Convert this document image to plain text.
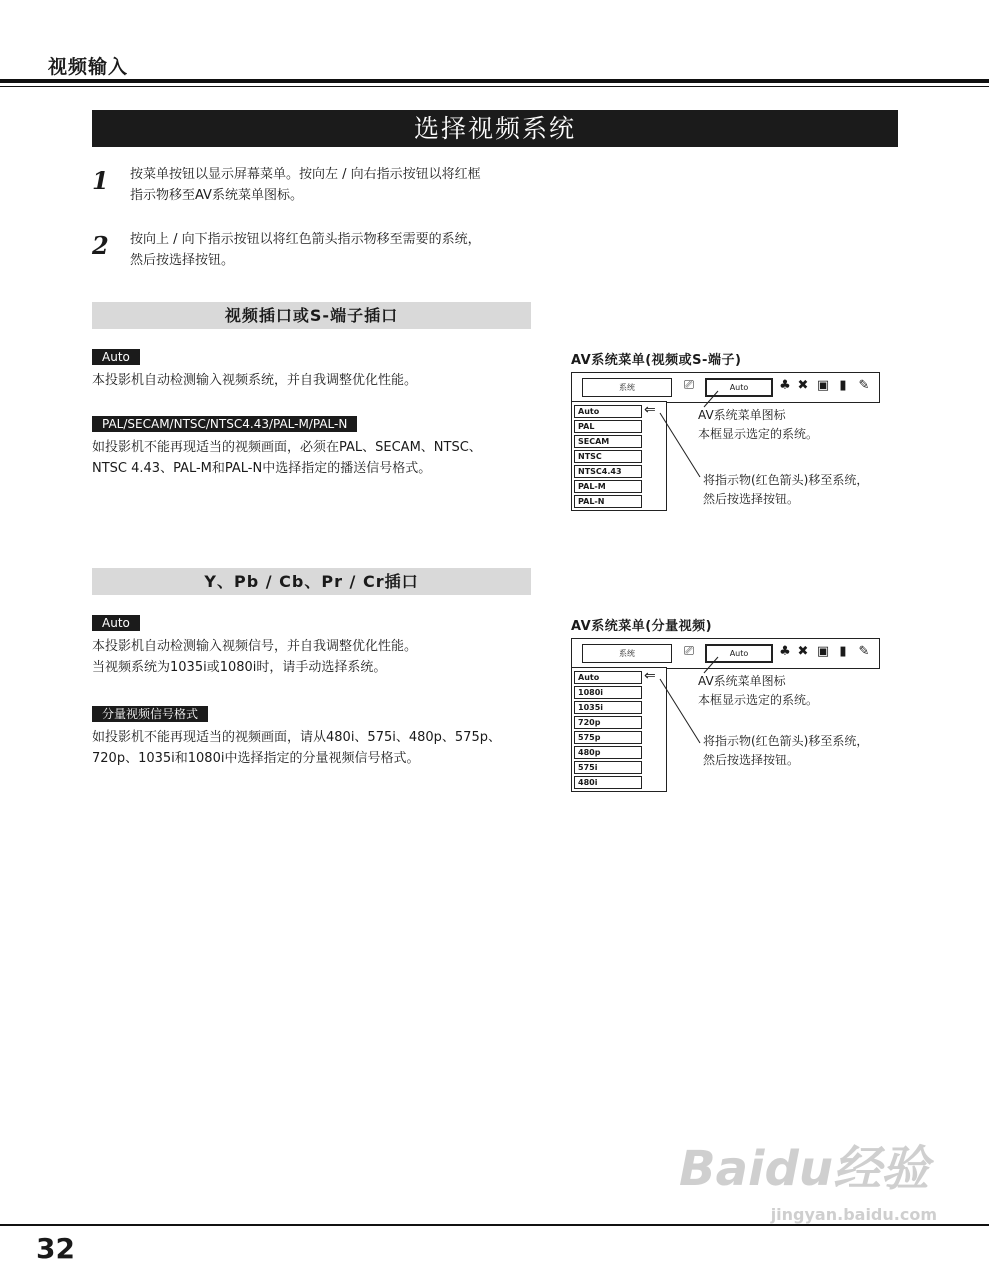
视频输入
选择视频系统
1 按菜单按钮以显示屏幕菜单。按向左 / 向右指示按钮以将红框
指示物移至AV系统菜单图标。
2 按向上 / 向下指示按钮以将红色箭头指示物移至需要的系统，
然后按选择按钮。
视频插口或S-端子插口
Auto
本投影机自动检测输入视频系统，并自我调整优化性能。
PAL/SECAM/NTSC/NTSC4.43/PAL-M/PAL-N
如投影机不能再现适当的视频画面，必须在PAL、SECAM、NTSC、
NTSC 4.43、PAL-M和PAL-N中选择指定的播送信号格式。
AV系统菜单(视频或S-端子)
系统	⎚	Auto	♣ ✖ ▣ ▮ ✎
Auto
PAL
SECAM
NTSC
NTSC4.43
PAL-M
PAL-N
⇐	AV系统菜单图标
本框显示选定的系统。
将指示物(红色箭头)移至系统，
然后按选择按钮。
Y、Pb / Cb、Pr / Cr插口
Auto
本投影机自动检测输入视频信号，并自我调整优化性能。
当视频系统为1035i或1080i时，请手动选择系统。
分量视频信号格式
如投影机不能再现适当的视频画面，请从480i、575i、480p、575p、
720p、1035i和1080i中选择指定的分量视频信号格式。
AV系统菜单(分量视频)
系统	⎚	Auto	♣ ✖ ▣ ▮ ✎
Auto
1080i
1035i
720p
575p
480p
575i
480i
⇐	AV系统菜单图标
本框显示选定的系统。
将指示物(红色箭头)移至系统，
然后按选择按钮。
Baidu经验
jingyan.baidu.com
32
